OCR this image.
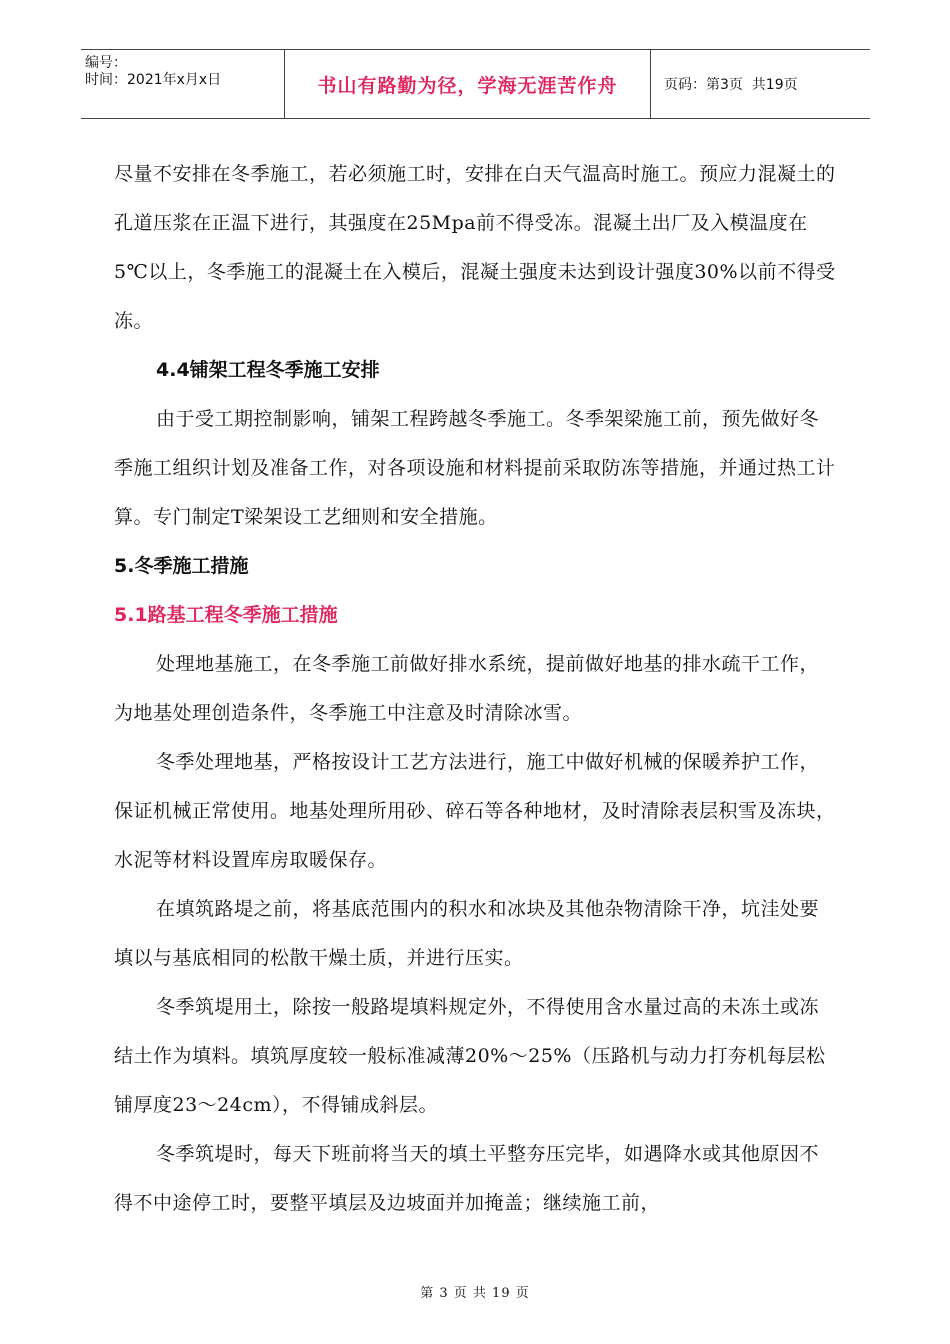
编号：
时间：2021年x月x日	书山有路勤为径，学海无涯苦作舟	页码：第3页  共19页

尽量不安排在冬季施工，若必须施工时，安排在白天气温高时施工。预应力混凝土的孔道压浆在正温下进行，其强度在25Mpa前不得受冻。混凝土出厂及入模温度在5℃以上，冬季施工的混凝土在入模后，混凝土强度未达到设计强度30%以前不得受冻。

4.4铺架工程冬季施工安排

由于受工期控制影响，铺架工程跨越冬季施工。冬季架梁施工前，预先做好冬季施工组织计划及准备工作，对各项设施和材料提前采取防冻等措施，并通过热工计算。专门制定T梁架设工艺细则和安全措施。

5.冬季施工措施

5.1路基工程冬季施工措施

处理地基施工，在冬季施工前做好排水系统，提前做好地基的排水疏干工作，为地基处理创造条件，冬季施工中注意及时清除冰雪。

冬季处理地基，严格按设计工艺方法进行，施工中做好机械的保暖养护工作，保证机械正常使用。地基处理所用砂、碎石等各种地材，及时清除表层积雪及冻块，水泥等材料设置库房取暖保存。

在填筑路堤之前，将基底范围内的积水和冰块及其他杂物清除干净，坑洼处要填以与基底相同的松散干燥土质，并进行压实。

冬季筑堤用土，除按一般路堤填料规定外，不得使用含水量过高的未冻土或冻结土作为填料。填筑厚度较一般标准减薄20%～25%（压路机与动力打夯机每层松铺厚度23～24cm），不得铺成斜层。

冬季筑堤时，每天下班前将当天的填土平整夯压完毕，如遇降水或其他原因不得不中途停工时，要整平填层及边坡面并加掩盖；继续施工前，

第 3 页 共 19 页
